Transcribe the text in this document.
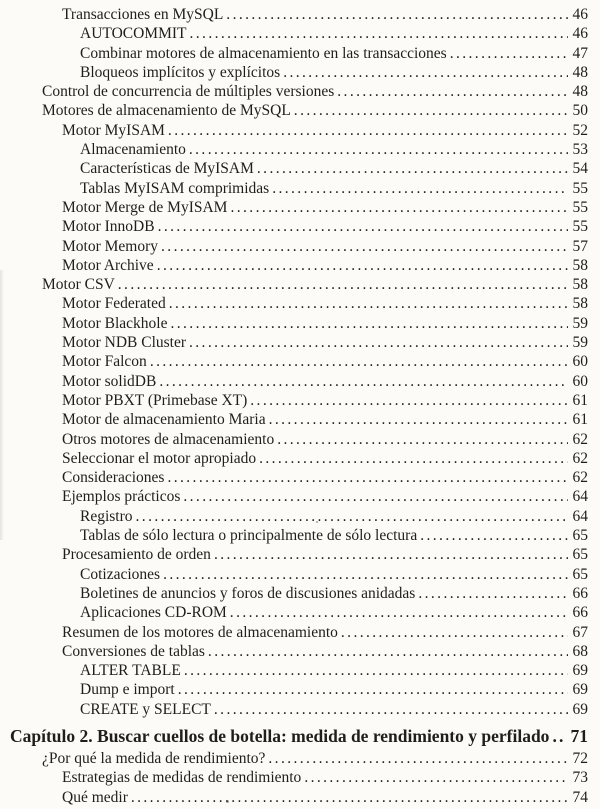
Transacciones en MySQL .....	46
AUTOCOMMIT .....	46
Combinar motores de almacenamiento en las transacciones .....	47
Bloqueos implícitos y explícitos .....	48
Control de concurrencia de múltiples versiones .....	48
Motores de almacenamiento de MySQL .....	50
Motor MyISAM .....	52
Almacenamiento .....	53
Características de MyISAM .....	54
Tablas MyISAM comprimidas .....	55
Motor Merge de MyISAM .....	55
Motor InnoDB .....	55
Motor Memory .....	57
Motor Archive .....	58
Motor CSV .....	58
Motor Federated .....	58
Motor Blackhole .....	59
Motor NDB Cluster .....	59
Motor Falcon .....	60
Motor solidDB .....	60
Motor PBXT (Primebase XT) .....	61
Motor de almacenamiento Maria .....	61
Otros motores de almacenamiento .....	62
Seleccionar el motor apropiado .....	62
Consideraciones .....	62
Ejemplos prácticos .....	64
Registro .....	64
Tablas de sólo lectura o principalmente de sólo lectura .....	65
Procesamiento de orden .....	65
Cotizaciones .....	65
Boletines de anuncios y foros de discusiones anidadas .....	66
Aplicaciones CD-ROM .....	66
Resumen de los motores de almacenamiento .....	67
Conversiones de tablas .....	68
ALTER TABLE .....	69
Dump e import .....	69
CREATE y SELECT .....	69
Capítulo 2. Buscar cuellos de botella: medida de rendimiento y perfilado .....	71
¿Por qué la medida de rendimiento? .....	72
Estrategias de medidas de rendimiento .....	73
Qué medir .....	74
